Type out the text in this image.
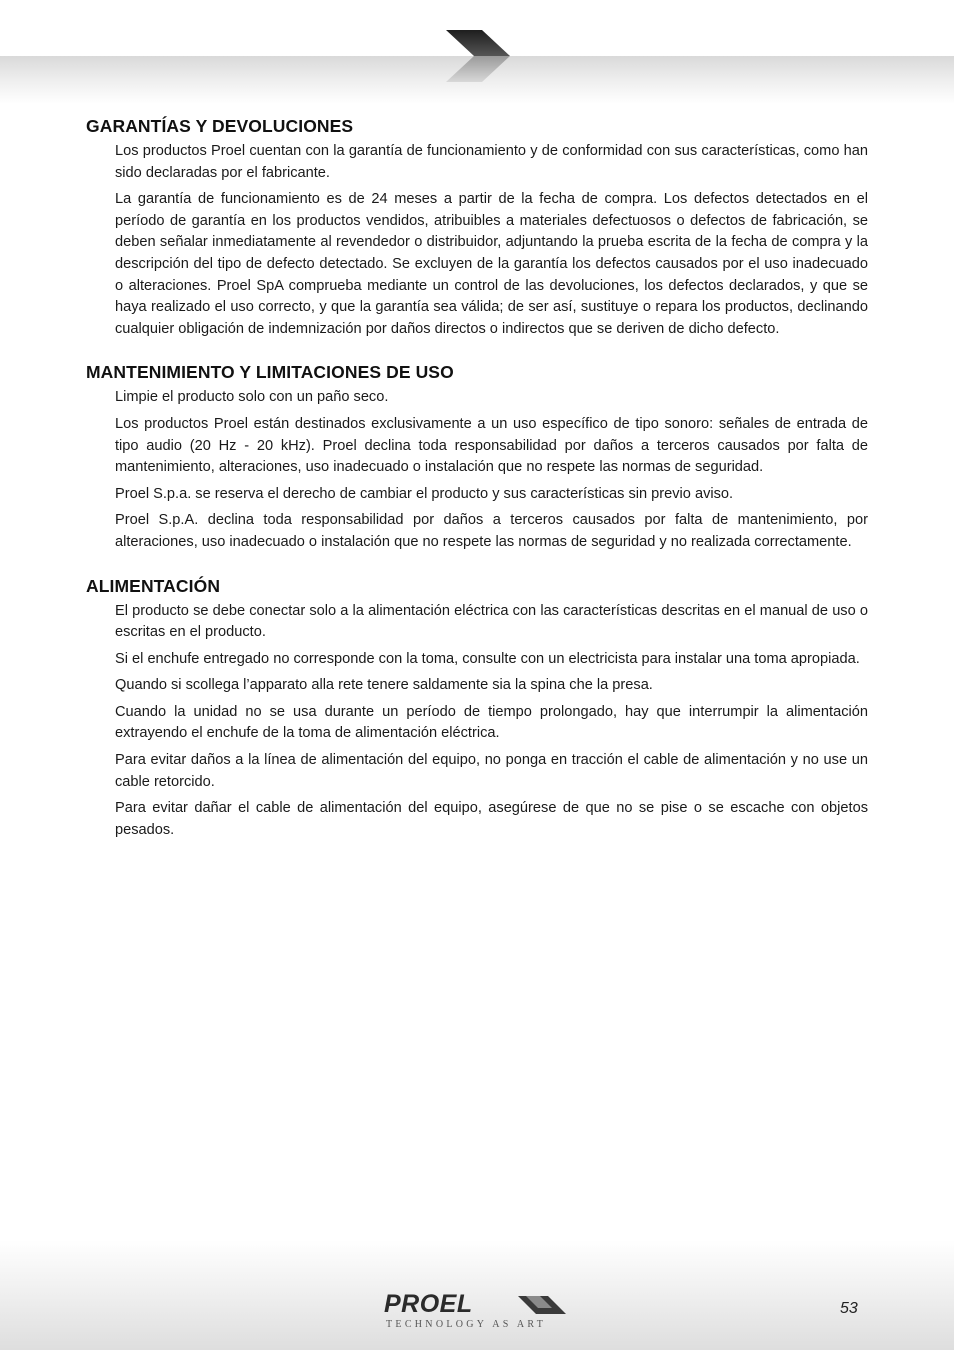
GARANTÍAS Y DEVOLUCIONES

Los productos Proel cuentan con la garantía de funcionamiento y de conformidad con sus características, como han sido declaradas por el fabricante.

La garantía de funcionamiento es de 24 meses a partir de la fecha de compra. Los defectos detectados en el período de garantía en los productos vendidos, atribuibles a materiales defectuosos o defectos de fabricación, se deben señalar inmediatamente al revendedor o distribuidor, adjuntando la prueba escrita de la fecha de compra y la descripción del tipo de defecto detectado. Se excluyen de la garantía los defectos causados por el uso inadecuado o alteraciones. Proel SpA comprueba mediante un control de las devoluciones, los defectos declarados, y que se haya realizado el uso correcto, y que la garantía sea válida; de ser así, sustituye o repara los productos, declinando cualquier obligación de indemnización por daños directos o indirectos que se deriven de dicho defecto.

MANTENIMIENTO Y LIMITACIONES DE USO

Limpie el producto solo con un paño seco.

Los productos Proel están destinados exclusivamente a un uso específico de tipo sonoro: señales de entrada de tipo audio (20 Hz - 20 kHz). Proel declina toda responsabilidad por daños a terceros causados por falta de mantenimiento, alteraciones, uso inadecuado o instalación que no respete las normas de seguridad.

Proel S.p.a. se reserva el derecho de cambiar el producto y sus características sin previo aviso.

Proel S.p.A. declina toda responsabilidad por daños a terceros causados por falta de mantenimiento, por alteraciones, uso inadecuado o instalación que no respete las normas de seguridad y no realizada correctamente.

ALIMENTACIÓN

El producto se debe conectar solo a la alimentación eléctrica con las características descritas en el manual de uso o escritas en el producto.

Si el enchufe entregado no corresponde con la toma, consulte con un electricista para instalar una toma apropiada.

Quando si scollega l’apparato alla rete tenere saldamente sia la spina che la presa.

Cuando la unidad no se usa durante un período de tiempo prolongado, hay que interrumpir la alimentación extrayendo el enchufe de la toma de alimentación eléctrica.

Para evitar daños a la línea de alimentación del equipo, no ponga en tracción el cable de alimentación y no use un cable retorcido.

Para evitar dañar el cable de alimentación del equipo, asegúrese de que no se pise o se escache con objetos pesados.

PROEL
TECHNOLOGY AS ART
53
